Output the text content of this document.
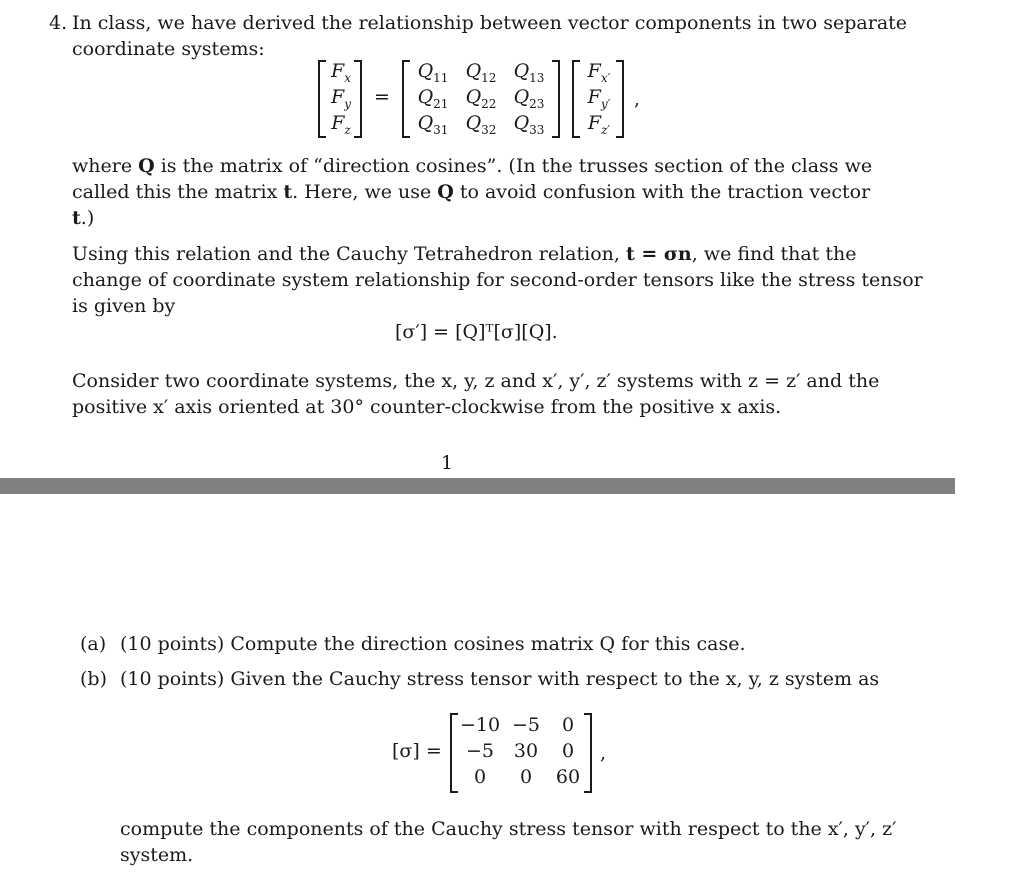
4. In class, we have derived the relationship between vector components in two separate
coordinate systems:
$F_x$
$F_y$
$F_z$
=
$Q_{11}$ $Q_{12}$ $Q_{13}$
$Q_{21}$ $Q_{22}$ $Q_{23}$
$Q_{31}$ $Q_{32}$ $Q_{33}$
$F_{x'}$
$F_{y'}$
$F_{z'}$
,
where Q is the matrix of “direction cosines”. (In the trusses section of the class we
called this the matrix t. Here, we use Q to avoid confusion with the traction vector
t.)
Using this relation and the Cauchy Tetrahedron relation, t = σn, we find that the
change of coordinate system relationship for second-order tensors like the stress tensor
is given by
[σ′] = [Q]ᵀ[σ][Q].
Consider two coordinate systems, the x, y, z and x′, y′, z′ systems with z = z′ and the
positive x′ axis oriented at 30° counter-clockwise from the positive x axis.
1
(a) (10 points) Compute the direction cosines matrix Q for this case.
(b) (10 points) Given the Cauchy stress tensor with respect to the x, y, z system as
[σ] =
−10 −5	0
−5	30	0
0	0	60
,
compute the components of the Cauchy stress tensor with respect to the x′, y′, z′
system.
